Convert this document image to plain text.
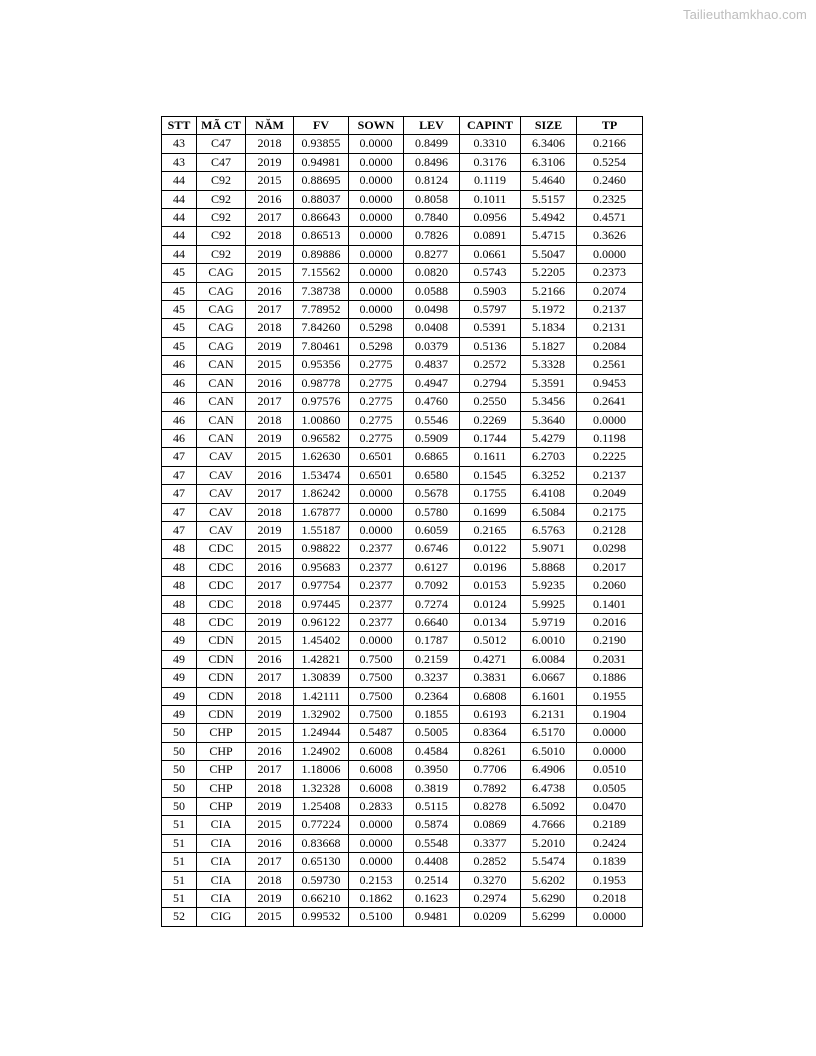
Tailieuthamkhao.com
STT	MÃ CT	NĂM	FV	SOWN	LEV	CAPINT	SIZE	TP
43	C47	2018	0.93855	0.0000	0.8499	0.3310	6.3406	0.2166
43	C47	2019	0.94981	0.0000	0.8496	0.3176	6.3106	0.5254
44	C92	2015	0.88695	0.0000	0.8124	0.1119	5.4640	0.2460
44	C92	2016	0.88037	0.0000	0.8058	0.1011	5.5157	0.2325
44	C92	2017	0.86643	0.0000	0.7840	0.0956	5.4942	0.4571
44	C92	2018	0.86513	0.0000	0.7826	0.0891	5.4715	0.3626
44	C92	2019	0.89886	0.0000	0.8277	0.0661	5.5047	0.0000
45	CAG	2015	7.15562	0.0000	0.0820	0.5743	5.2205	0.2373
45	CAG	2016	7.38738	0.0000	0.0588	0.5903	5.2166	0.2074
45	CAG	2017	7.78952	0.0000	0.0498	0.5797	5.1972	0.2137
45	CAG	2018	7.84260	0.5298	0.0408	0.5391	5.1834	0.2131
45	CAG	2019	7.80461	0.5298	0.0379	0.5136	5.1827	0.2084
46	CAN	2015	0.95356	0.2775	0.4837	0.2572	5.3328	0.2561
46	CAN	2016	0.98778	0.2775	0.4947	0.2794	5.3591	0.9453
46	CAN	2017	0.97576	0.2775	0.4760	0.2550	5.3456	0.2641
46	CAN	2018	1.00860	0.2775	0.5546	0.2269	5.3640	0.0000
46	CAN	2019	0.96582	0.2775	0.5909	0.1744	5.4279	0.1198
47	CAV	2015	1.62630	0.6501	0.6865	0.1611	6.2703	0.2225
47	CAV	2016	1.53474	0.6501	0.6580	0.1545	6.3252	0.2137
47	CAV	2017	1.86242	0.0000	0.5678	0.1755	6.4108	0.2049
47	CAV	2018	1.67877	0.0000	0.5780	0.1699	6.5084	0.2175
47	CAV	2019	1.55187	0.0000	0.6059	0.2165	6.5763	0.2128
48	CDC	2015	0.98822	0.2377	0.6746	0.0122	5.9071	0.0298
48	CDC	2016	0.95683	0.2377	0.6127	0.0196	5.8868	0.2017
48	CDC	2017	0.97754	0.2377	0.7092	0.0153	5.9235	0.2060
48	CDC	2018	0.97445	0.2377	0.7274	0.0124	5.9925	0.1401
48	CDC	2019	0.96122	0.2377	0.6640	0.0134	5.9719	0.2016
49	CDN	2015	1.45402	0.0000	0.1787	0.5012	6.0010	0.2190
49	CDN	2016	1.42821	0.7500	0.2159	0.4271	6.0084	0.2031
49	CDN	2017	1.30839	0.7500	0.3237	0.3831	6.0667	0.1886
49	CDN	2018	1.42111	0.7500	0.2364	0.6808	6.1601	0.1955
49	CDN	2019	1.32902	0.7500	0.1855	0.6193	6.2131	0.1904
50	CHP	2015	1.24944	0.5487	0.5005	0.8364	6.5170	0.0000
50	CHP	2016	1.24902	0.6008	0.4584	0.8261	6.5010	0.0000
50	CHP	2017	1.18006	0.6008	0.3950	0.7706	6.4906	0.0510
50	CHP	2018	1.32328	0.6008	0.3819	0.7892	6.4738	0.0505
50	CHP	2019	1.25408	0.2833	0.5115	0.8278	6.5092	0.0470
51	CIA	2015	0.77224	0.0000	0.5874	0.0869	4.7666	0.2189
51	CIA	2016	0.83668	0.0000	0.5548	0.3377	5.2010	0.2424
51	CIA	2017	0.65130	0.0000	0.4408	0.2852	5.5474	0.1839
51	CIA	2018	0.59730	0.2153	0.2514	0.3270	5.6202	0.1953
51	CIA	2019	0.66210	0.1862	0.1623	0.2974	5.6290	0.2018
52	CIG	2015	0.99532	0.5100	0.9481	0.0209	5.6299	0.0000
